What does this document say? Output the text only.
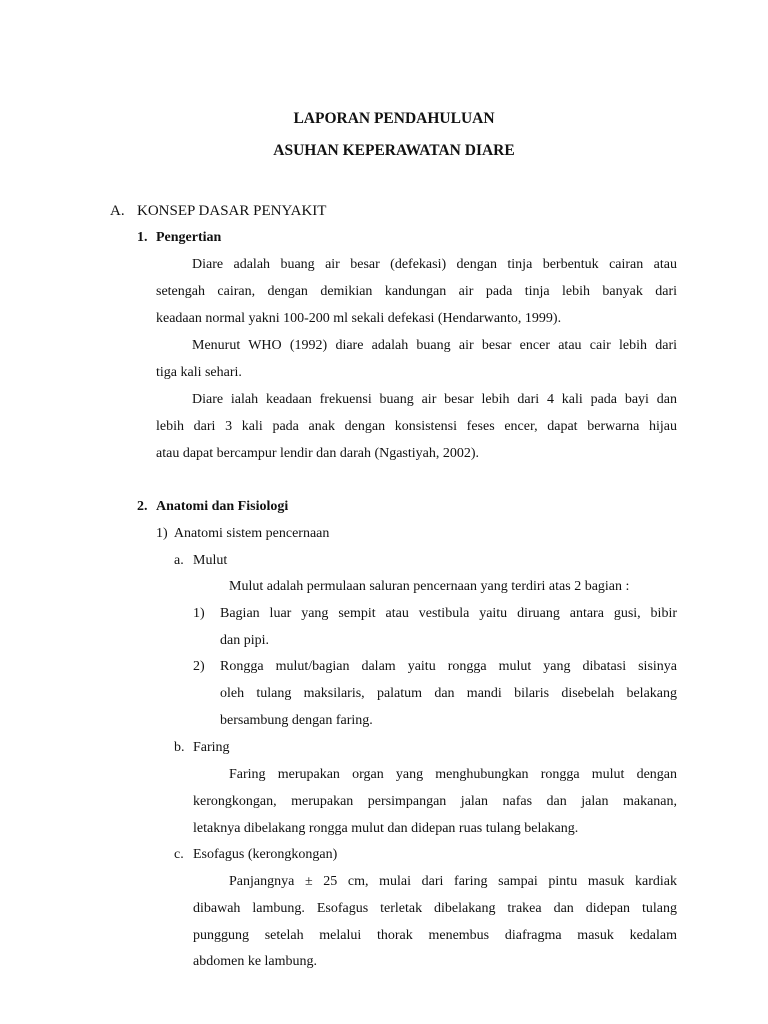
LAPORAN PENDAHULUAN
ASUHAN KEPERAWATAN DIARE
A. KONSEP DASAR PENYAKIT
1. Pengertian
Diare adalah buang air besar (defekasi) dengan tinja berbentuk cairan atau
setengah cairan, dengan demikian kandungan air pada tinja lebih banyak dari
keadaan normal yakni 100-200 ml sekali defekasi (Hendarwanto, 1999).
Menurut WHO (1992) diare adalah buang air besar encer atau cair lebih dari
tiga kali sehari.
Diare ialah keadaan frekuensi buang air besar lebih dari 4 kali pada bayi dan
lebih dari 3 kali pada anak dengan konsistensi feses encer, dapat berwarna hijau
atau dapat bercampur lendir dan darah (Ngastiyah, 2002).
2. Anatomi dan Fisiologi
1)  Anatomi sistem pencernaan
a. Mulut
Mulut adalah permulaan saluran pencernaan yang terdiri atas 2 bagian :
1) Bagian luar yang sempit atau vestibula yaitu diruang antara gusi, bibir
dan pipi.
2) Rongga mulut/bagian dalam yaitu rongga mulut yang dibatasi sisinya
oleh tulang maksilaris, palatum dan mandi bilaris disebelah belakang
bersambung dengan faring.
b. Faring
Faring merupakan organ yang menghubungkan rongga mulut dengan
kerongkongan, merupakan persimpangan jalan nafas dan jalan makanan,
letaknya dibelakang rongga mulut dan didepan ruas tulang belakang.
c. Esofagus (kerongkongan)
Panjangnya ± 25 cm, mulai dari faring sampai pintu masuk kardiak
dibawah lambung. Esofagus terletak dibelakang trakea dan didepan tulang
punggung setelah melalui thorak menembus diafragma masuk kedalam
abdomen ke lambung.
